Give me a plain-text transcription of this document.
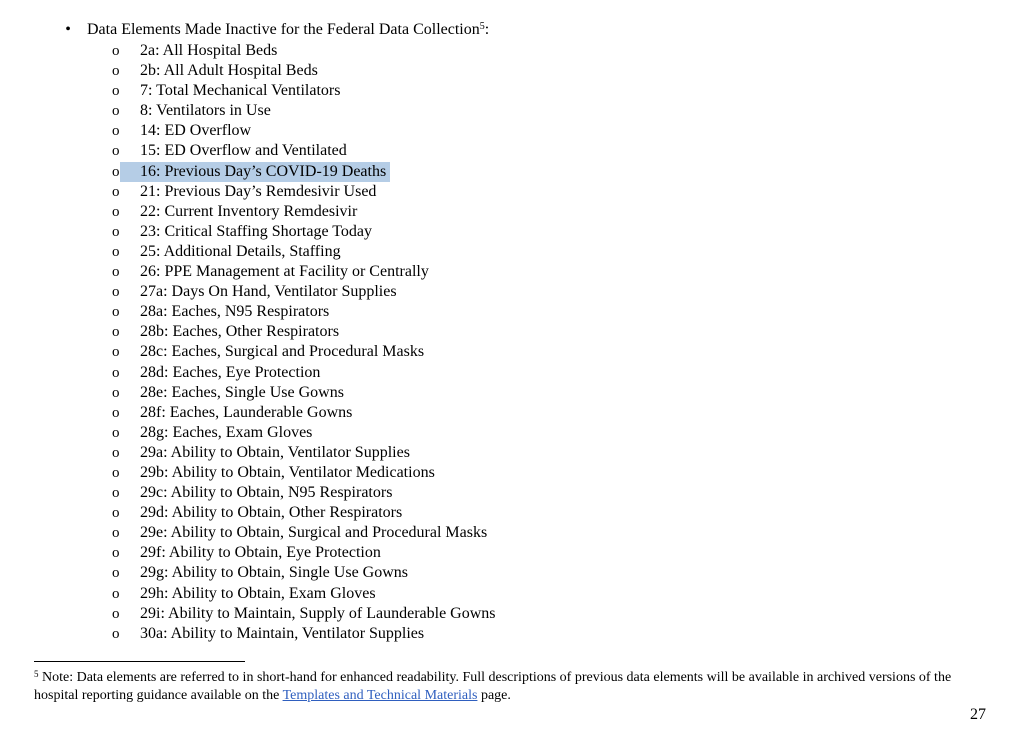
•	Data Elements Made Inactive for the Federal Data Collection$^5$:
o 2a: All Hospital Beds
o 2b: All Adult Hospital Beds
o 7: Total Mechanical Ventilators
o 8: Ventilators in Use
o 14: ED Overflow
o 15: ED Overflow and Ventilated
o 16: Previous Day’s COVID-19 Deaths
o 21: Previous Day’s Remdesivir Used
o 22: Current Inventory Remdesivir
o 23: Critical Staffing Shortage Today
o 25: Additional Details, Staffing
o 26: PPE Management at Facility or Centrally
o 27a: Days On Hand, Ventilator Supplies
o 28a: Eaches, N95 Respirators
o 28b: Eaches, Other Respirators
o 28c: Eaches, Surgical and Procedural Masks
o 28d: Eaches, Eye Protection
o 28e: Eaches, Single Use Gowns
o 28f: Eaches, Launderable Gowns
o 28g: Eaches, Exam Gloves
o 29a: Ability to Obtain, Ventilator Supplies
o 29b: Ability to Obtain, Ventilator Medications
o 29c: Ability to Obtain, N95 Respirators
o 29d: Ability to Obtain, Other Respirators
o 29e: Ability to Obtain, Surgical and Procedural Masks
o 29f: Ability to Obtain, Eye Protection
o 29g: Ability to Obtain, Single Use Gowns
o 29h: Ability to Obtain, Exam Gloves
o 29i: Ability to Maintain, Supply of Launderable Gowns
o 30a: Ability to Maintain, Ventilator Supplies
$^5$ Note: Data elements are referred to in short-hand for enhanced readability. Full descriptions of previous data elements will be available in archived versions of the hospital reporting guidance available on the Templates and Technical Materials page.
27
